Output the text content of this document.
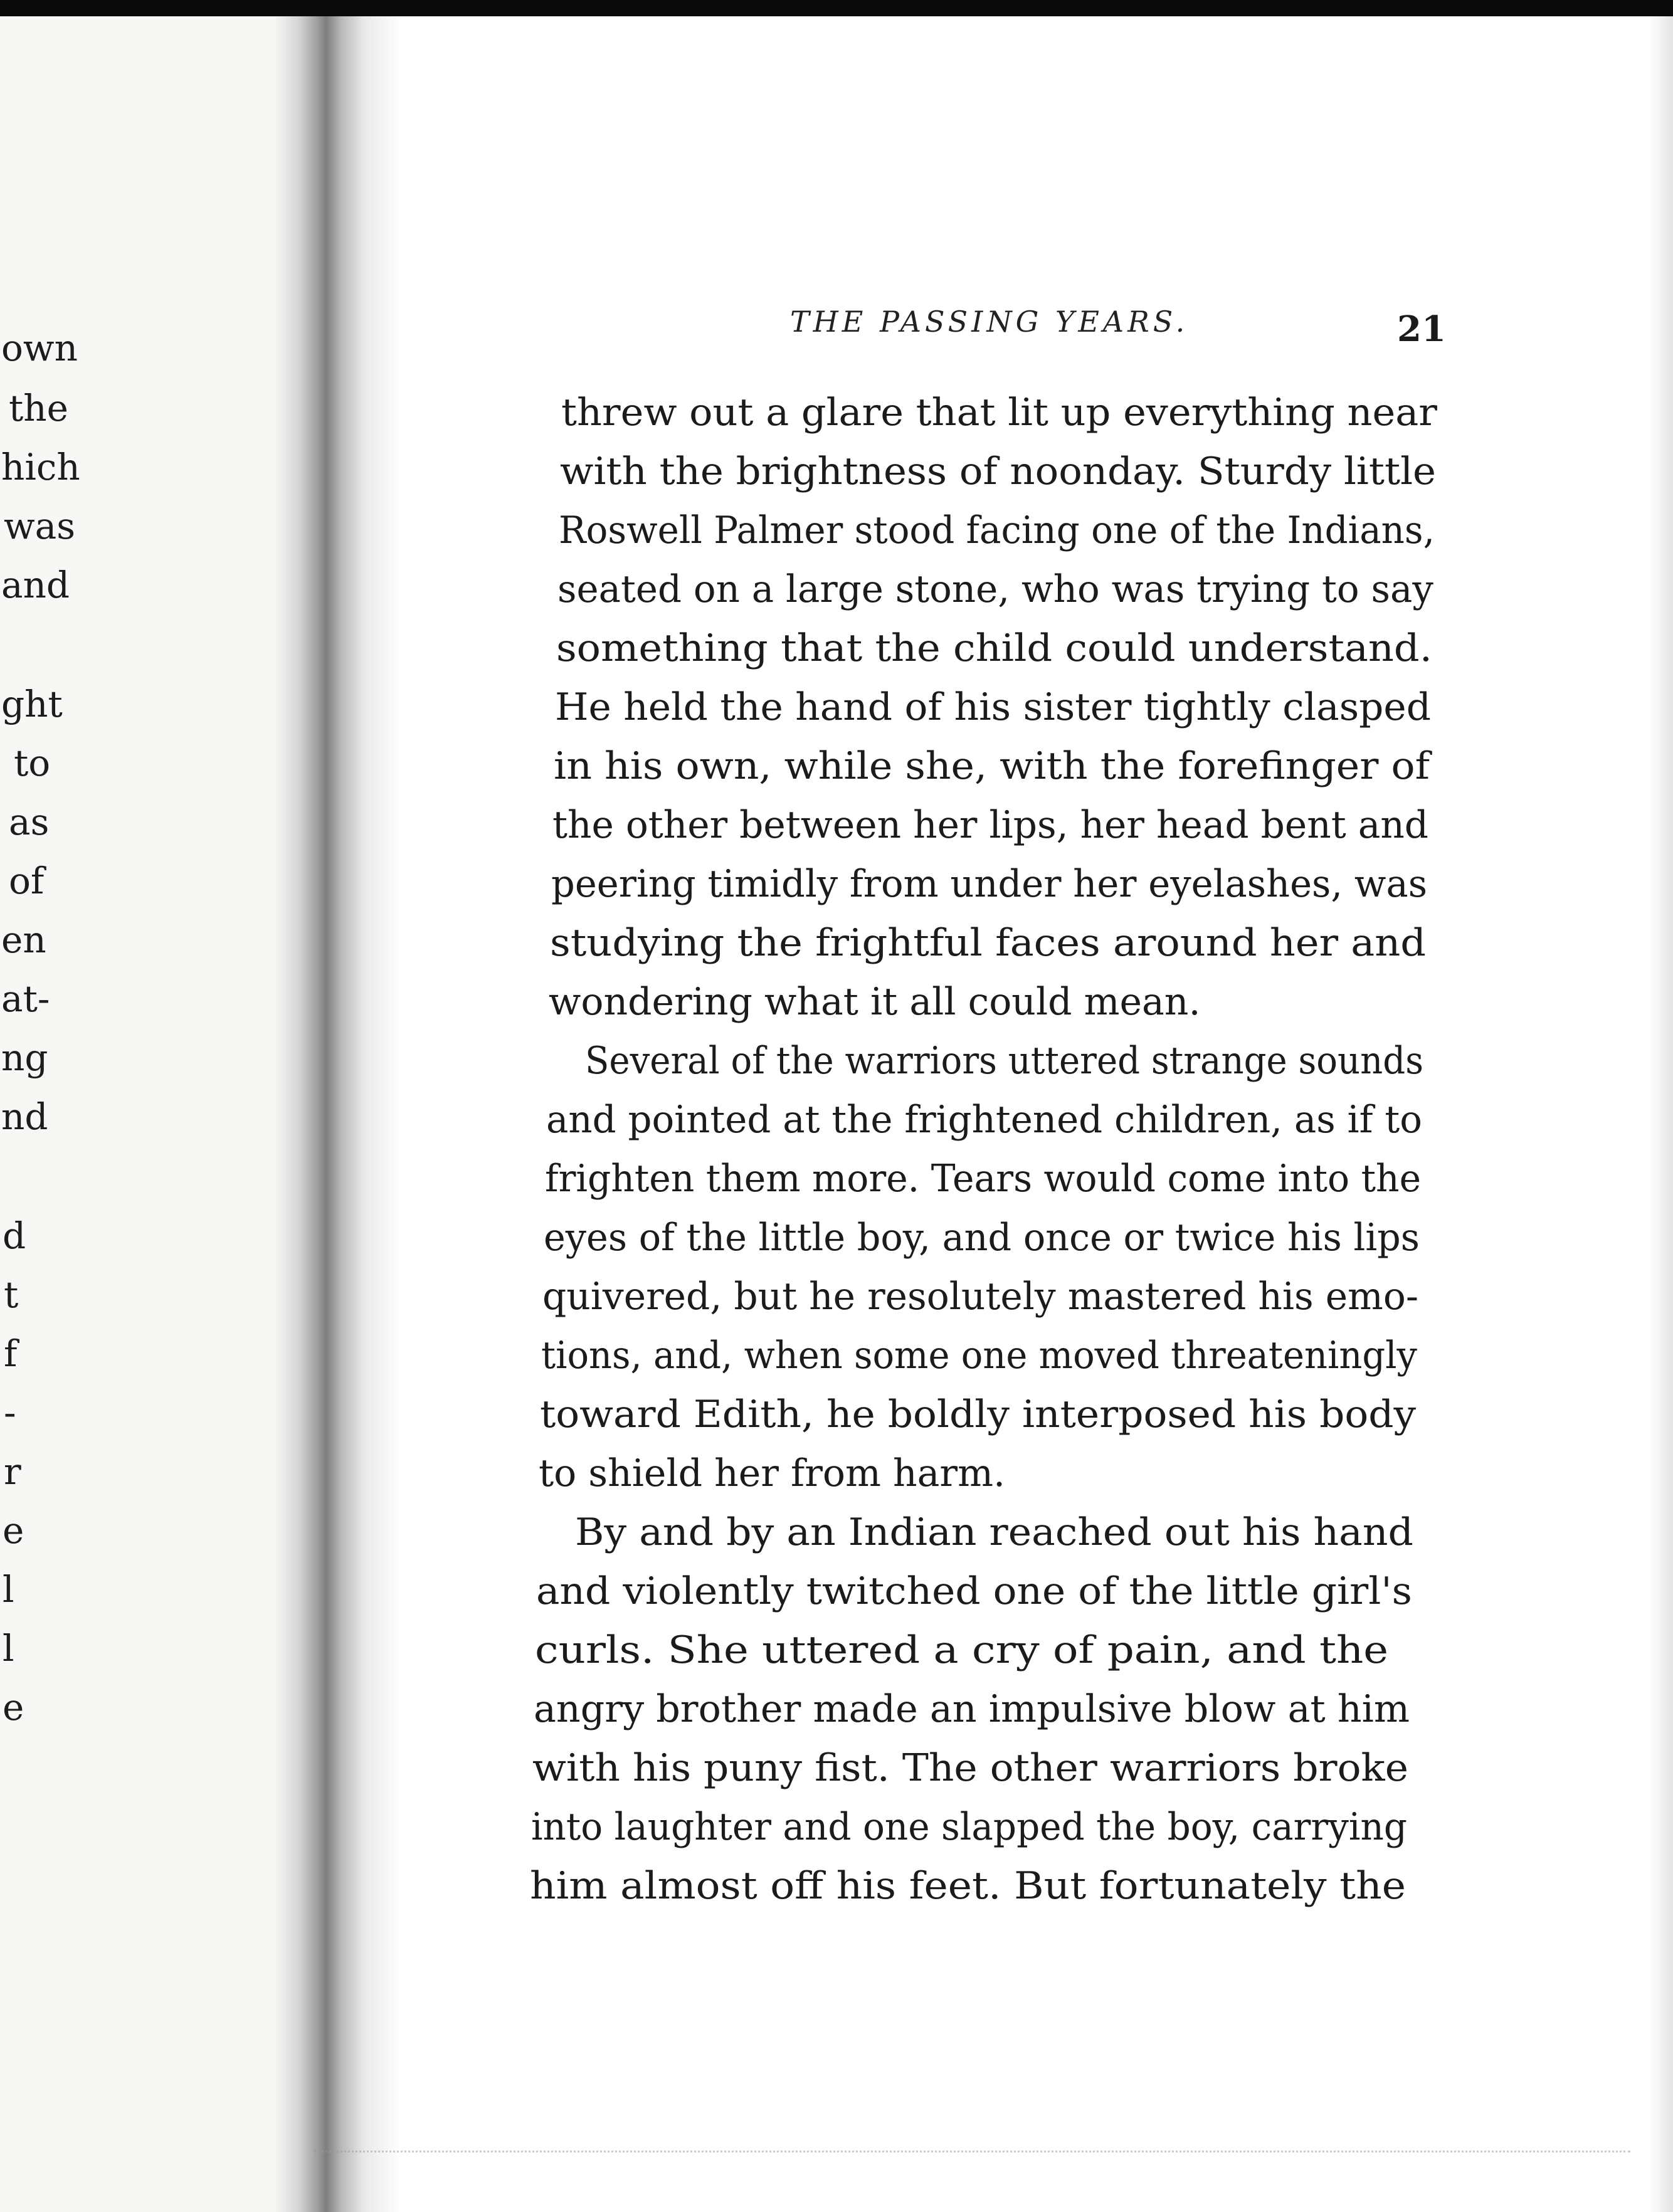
own
the
hich
was
and
ght
to
as
of
en
at-
ng
nd
d
t
f
-
r
e
l
l
e
THE PASSING YEARS.	21
threw out a glare that lit up everything near
with the brightness of noonday. Sturdy little
Roswell Palmer stood facing one of the Indians,
seated on a large stone, who was trying to say
something that the child could understand.
He held the hand of his sister tightly clasped
in his own, while she, with the forefinger of
the other between her lips, her head bent and
peering timidly from under her eyelashes, was
studying the frightful faces around her and
wondering what it all could mean.
Several of the warriors uttered strange sounds
and pointed at the frightened children, as if to
frighten them more. Tears would come into the
eyes of the little boy, and once or twice his lips
quivered, but he resolutely mastered his emo-
tions, and, when some one moved threateningly
toward Edith, he boldly interposed his body
to shield her from harm.
By and by an Indian reached out his hand
and violently twitched one of the little girl's
curls. She uttered a cry of pain, and the
angry brother made an impulsive blow at him
with his puny fist. The other warriors broke
into laughter and one slapped the boy, carrying
him almost off his feet. But fortunately the
